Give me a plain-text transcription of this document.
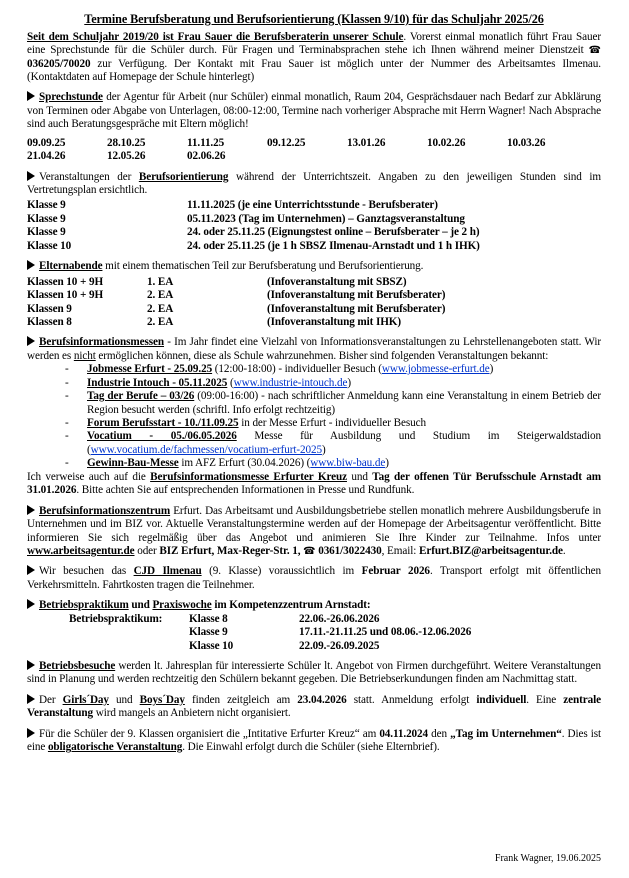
Termine Berufsberatung und Berufsorientierung (Klassen 9/10) für das Schuljahr 2025/26

Seit dem Schuljahr 2019/20 ist Frau Sauer die Berufsberaterin unserer Schule. Vorerst einmal monatlich führt Frau Sauer eine Sprechstunde für die Schüler durch. Für Fragen und Terminabsprachen stehe ich Ihnen während meiner Dienstzeit ☎ 036205/70020 zur Verfügung. Der Kontakt mit Frau Sauer ist möglich unter der Nummer des Arbeitsamtes Ilmenau. (Kontaktdaten auf Homepage der Schule hinterlegt)

Sprechstunde der Agentur für Arbeit (nur Schüler) einmal monatlich, Raum 204, Gesprächsdauer nach Bedarf zur Abklärung von Terminen oder Abgabe von Unterlagen, 08:00-12:00, Termine nach vorheriger Absprache mit Herrn Wagner! Nach Absprache sind auch Beratungsgespräche mit Eltern möglich!

09.09.25	28.10.25	11.11.25	09.12.25	13.01.26	10.02.26	10.03.26
21.04.26	12.05.26	02.06.26

Veranstaltungen der Berufsorientierung während der Unterrichtszeit. Angaben zu den jeweiligen Stunden sind im Vertretungsplan ersichtlich.

Klasse 9	11.11.2025 (je eine Unterrichtsstunde - Berufsberater)
Klasse 9	05.11.2023 (Tag im Unternehmen) – Ganztagsveranstaltung
Klasse 9	24. oder 25.11.25 (Eignungstest online – Berufsberater – je 2 h)
Klasse 10	24. oder 25.11.25 (je 1 h SBSZ Ilmenau-Arnstadt und 1 h IHK)

Elternabende mit einem thematischen Teil zur Berufsberatung und Berufsorientierung.

Klassen 10 + 9H	1. EA	(Infoveranstaltung mit SBSZ)
Klassen 10 + 9H	2. EA	(Infoveranstaltung mit Berufsberater)
Klassen 9	2. EA	(Infoveranstaltung mit Berufsberater)
Klassen 8	2. EA	(Infoveranstaltung mit IHK)

Berufsinformationsmessen - Im Jahr findet eine Vielzahl von Informationsveranstaltungen zu Lehrstellenangeboten statt. Wir werden es nicht ermöglichen können, diese als Schule wahrzunehmen. Bisher sind folgenden Veranstaltungen bekannt:

- Jobmesse Erfurt - 25.09.25 (12:00-18:00) - individueller Besuch (www.jobmesse-erfurt.de)
- Industrie Intouch - 05.11.2025 (www.industrie-intouch.de)
- Tag der Berufe – 03/26 (09:00-16:00) - nach schriftlicher Anmeldung kann eine Veranstaltung in einem Betrieb der Region besucht werden (schriftl. Info erfolgt rechtzeitig)
- Forum Berufsstart - 10./11.09.25 in der Messe Erfurt - individueller Besuch
- Vocatium - 05./06.05.2026 Messe für Ausbildung und Studium im Steigerwaldstadion (www.vocatium.de/fachmessen/vocatium-erfurt-2025)
- Gewinn-Bau-Messe im AFZ Erfurt (30.04.2026) (www.biw-bau.de)

Ich verweise auch auf die Berufsinformationsmesse Erfurter Kreuz und Tag der offenen Tür Berufsschule Arnstadt am 31.01.2026. Bitte achten Sie auf entsprechenden Informationen in Presse und Rundfunk.

Berufsinformationszentrum Erfurt. Das Arbeitsamt und Ausbildungsbetriebe stellen monatlich mehrere Ausbildungsberufe in Unternehmen und im BIZ vor. Aktuelle Veranstaltungstermine werden auf der Homepage der Arbeitsagentur veröffentlicht. Bitte informieren Sie sich regelmäßig über das Angebot und animieren Sie Ihre Kinder zur Teilnahme. Infos unter www.arbeitsagentur.de oder BIZ Erfurt, Max-Reger-Str. 1, ☎ 0361/3022430, Email: Erfurt.BIZ@arbeitsagentur.de.

Wir besuchen das CJD Ilmenau (9. Klasse) voraussichtlich im Februar 2026. Transport erfolgt mit öffentlichen Verkehrsmitteln. Fahrtkosten tragen die Teilnehmer.

Betriebspraktikum und Praxiswoche im Kompetenzzentrum Arnstadt:

Betriebspraktikum:	Klasse 8	22.06.-26.06.2026
Klasse 9	17.11.-21.11.25 und 08.06.-12.06.2026
Klasse 10	22.09.-26.09.2025

Betriebsbesuche werden lt. Jahresplan für interessierte Schüler lt. Angebot von Firmen durchgeführt. Weitere Veranstaltungen sind in Planung und werden rechtzeitig den Schülern bekannt gegeben. Die Betriebserkundungen finden am Nachmittag statt.

Der Girls´Day und Boys´Day finden zeitgleich am 23.04.2026 statt. Anmeldung erfolgt individuell. Eine zentrale Veranstaltung wird mangels an Anbietern nicht organisiert.

Für die Schüler der 9. Klassen organisiert die „Intitative Erfurter Kreuz“ am 04.11.2024 den „Tag im Unternehmen“. Dies ist eine obligatorische Veranstaltung. Die Einwahl erfolgt durch die Schüler (siehe Elternbrief).

Frank Wagner, 19.06.2025
